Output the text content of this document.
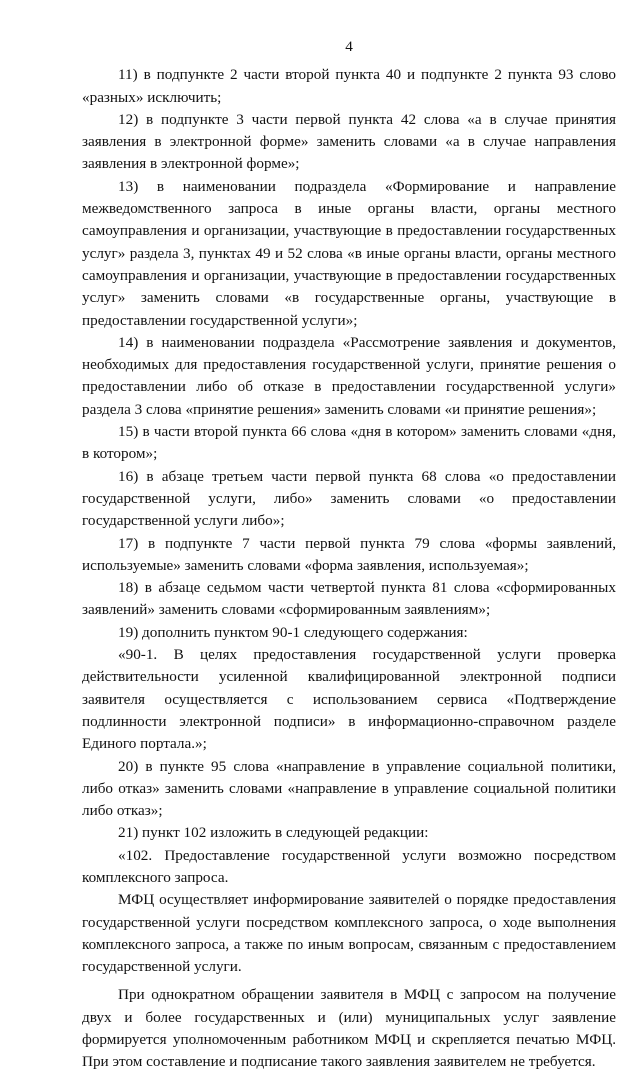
4

11) в подпункте 2 части второй пункта 40 и подпункте 2 пункта 93 слово «разных» исключить;

12) в подпункте 3 части первой пункта 42 слова «а в случае принятия заявления в электронной форме» заменить словами «а в случае направления заявления в электронной форме»;

13) в наименовании подраздела «Формирование и направление межведомственного запроса в иные органы власти, органы местного самоуправления и организации, участвующие в предоставлении государственных услуг» раздела 3, пунктах 49 и 52 слова «в иные органы власти, органы местного самоуправления и организации, участвующие в предоставлении государственных услуг» заменить словами «в государственные органы, участвующие в предоставлении государственной услуги»;

14) в наименовании подраздела «Рассмотрение заявления и документов, необходимых для предоставления государственной услуги, принятие решения о предоставлении либо об отказе в предоставлении государственной услуги» раздела 3 слова «принятие решения» заменить словами «и принятие решения»;

15) в части второй пункта 66 слова «дня в котором» заменить словами «дня, в котором»;

16) в абзаце третьем части первой пункта 68 слова «о предоставлении государственной услуги, либо» заменить словами «о предоставлении государственной услуги либо»;

17) в подпункте 7 части первой пункта 79 слова «формы заявлений, используемые» заменить словами «форма заявления, используемая»;

18) в абзаце седьмом части четвертой пункта 81 слова «сформированных заявлений» заменить словами «сформированным заявлениям»;

19) дополнить пунктом 90-1 следующего содержания:

«90-1. В целях предоставления государственной услуги проверка действительности усиленной квалифицированной электронной подписи заявителя осуществляется с использованием сервиса «Подтверждение подлинности электронной подписи» в информационно-справочном разделе Единого портала.»;

20) в пункте 95 слова «направление в управление социальной политики, либо отказ» заменить словами «направление в управление социальной политики либо отказ»;

21) пункт 102 изложить в следующей редакции:

«102. Предоставление государственной услуги возможно посредством комплексного запроса.

МФЦ осуществляет информирование заявителей о порядке предоставления государственной услуги посредством комплексного запроса, о ходе выполнения комплексного запроса, а также по иным вопросам, связанным с предоставлением государственной услуги.

При однократном обращении заявителя в МФЦ с запросом на получение двух и более государственных и (или) муниципальных услуг заявление формируется уполномоченным работником МФЦ и скрепляется печатью МФЦ. При этом составление и подписание такого заявления заявителем не требуется.
